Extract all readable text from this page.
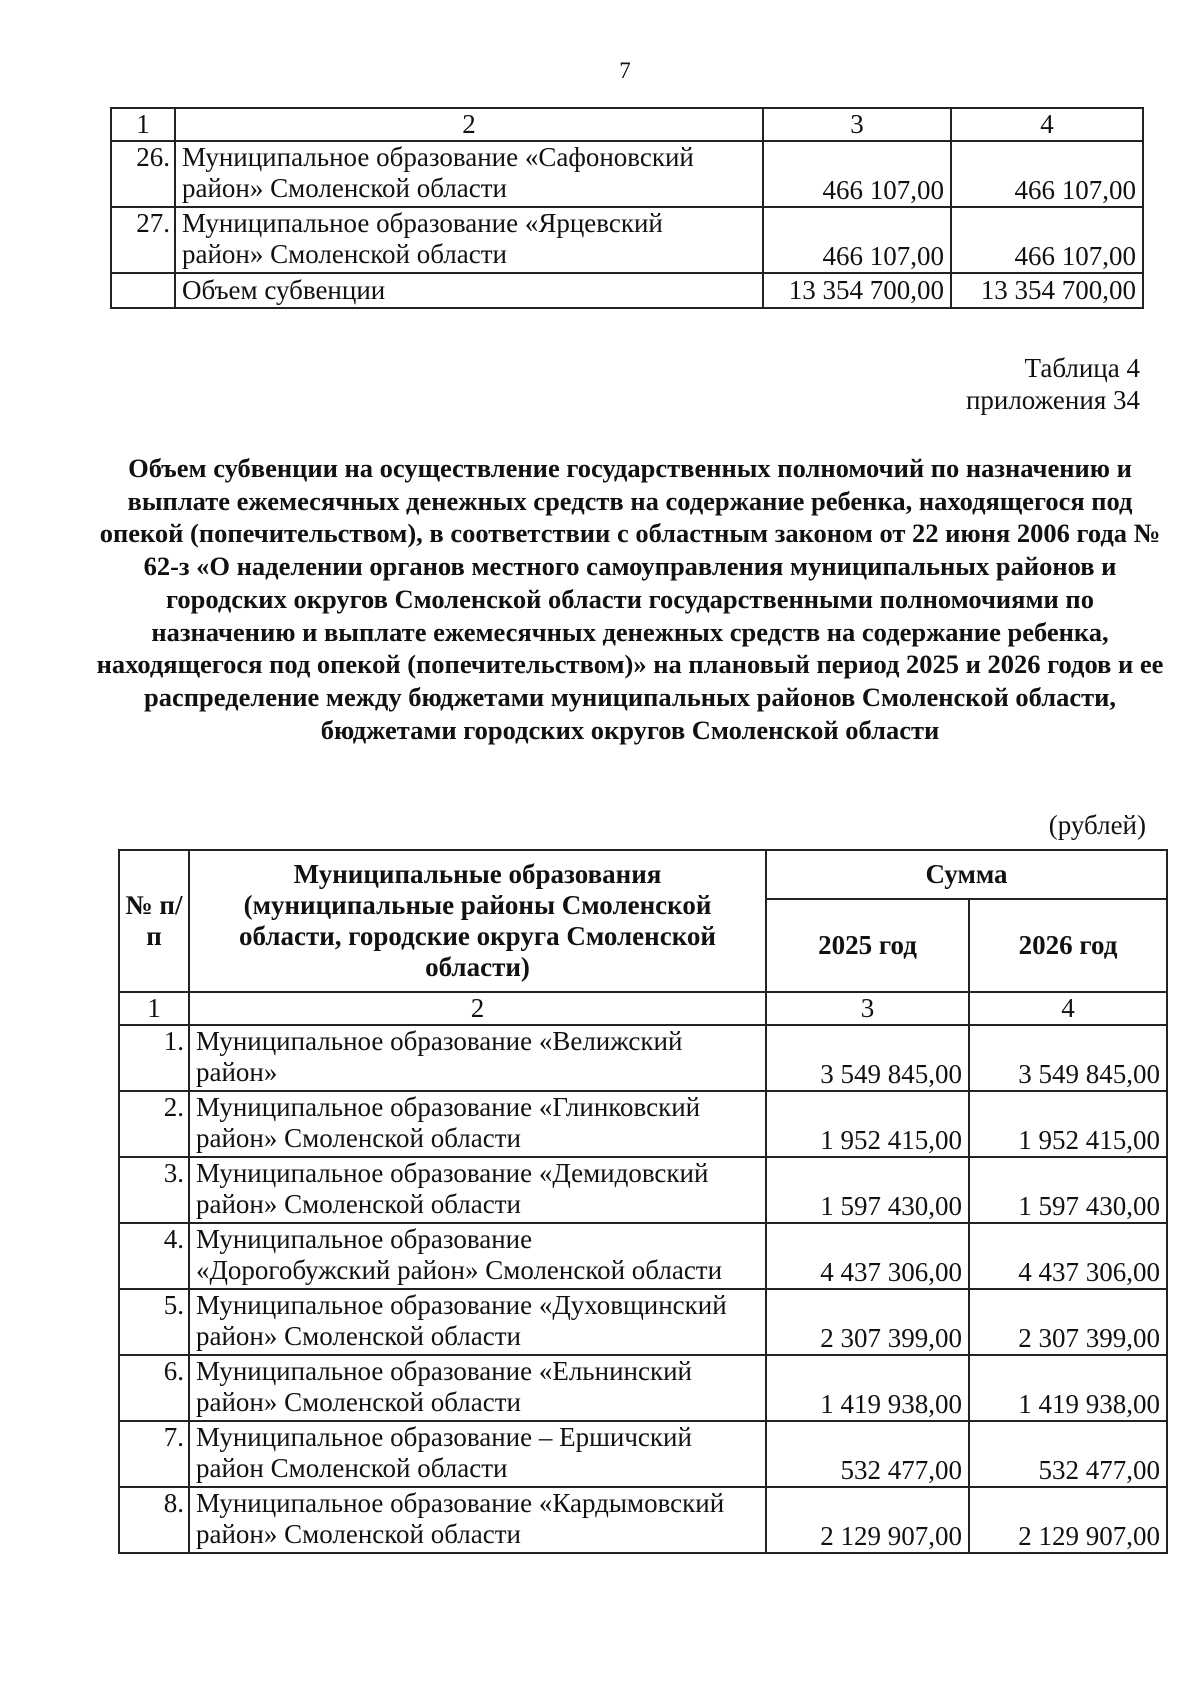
7
1	2	3	4
26.	Муниципальное образование «Сафоновский
район» Смоленской области	466 107,00	466 107,00
27.	Муниципальное образование «Ярцевский
район» Смоленской области	466 107,00	466 107,00
	Объем субвенции	13 354 700,00	13 354 700,00
Таблица 4
приложения 34
Объем субвенции на осуществление государственных полномочий по назначению и выплате ежемесячных денежных средств на содержание ребенка, находящегося под опекой (попечительством), в соответствии с областным законом от 22 июня 2006 года № 62-з «О наделении органов местного самоуправления муниципальных районов и городских округов Смоленской области государственными полномочиями по назначению и выплате ежемесячных денежных средств на содержание ребенка, находящегося под опекой (попечительством)» на плановый период 2025 и 2026 годов и ее распределение между бюджетами муниципальных районов Смоленской области, бюджетами городских округов Смоленской области
(рублей)
№ п/п	Муниципальные образования (муниципальные районы Смоленской области, городские округа Смоленской области)	Сумма	
		2025 год	2026 год
1	2	3	4
1.	Муниципальное образование «Велижский
район»	3 549 845,00	3 549 845,00
2.	Муниципальное образование «Глинковский
район» Смоленской области	1 952 415,00	1 952 415,00
3.	Муниципальное образование «Демидовский
район» Смоленской области	1 597 430,00	1 597 430,00
4.	Муниципальное образование
«Дорогобужский район» Смоленской области	4 437 306,00	4 437 306,00
5.	Муниципальное образование «Духовщинский
район» Смоленской области	2 307 399,00	2 307 399,00
6.	Муниципальное образование «Ельнинский
район» Смоленской области	1 419 938,00	1 419 938,00
7.	Муниципальное образование – Ершичский
район Смоленской области	532 477,00	532 477,00
8.	Муниципальное образование «Кардымовский
район» Смоленской области	2 129 907,00	2 129 907,00
